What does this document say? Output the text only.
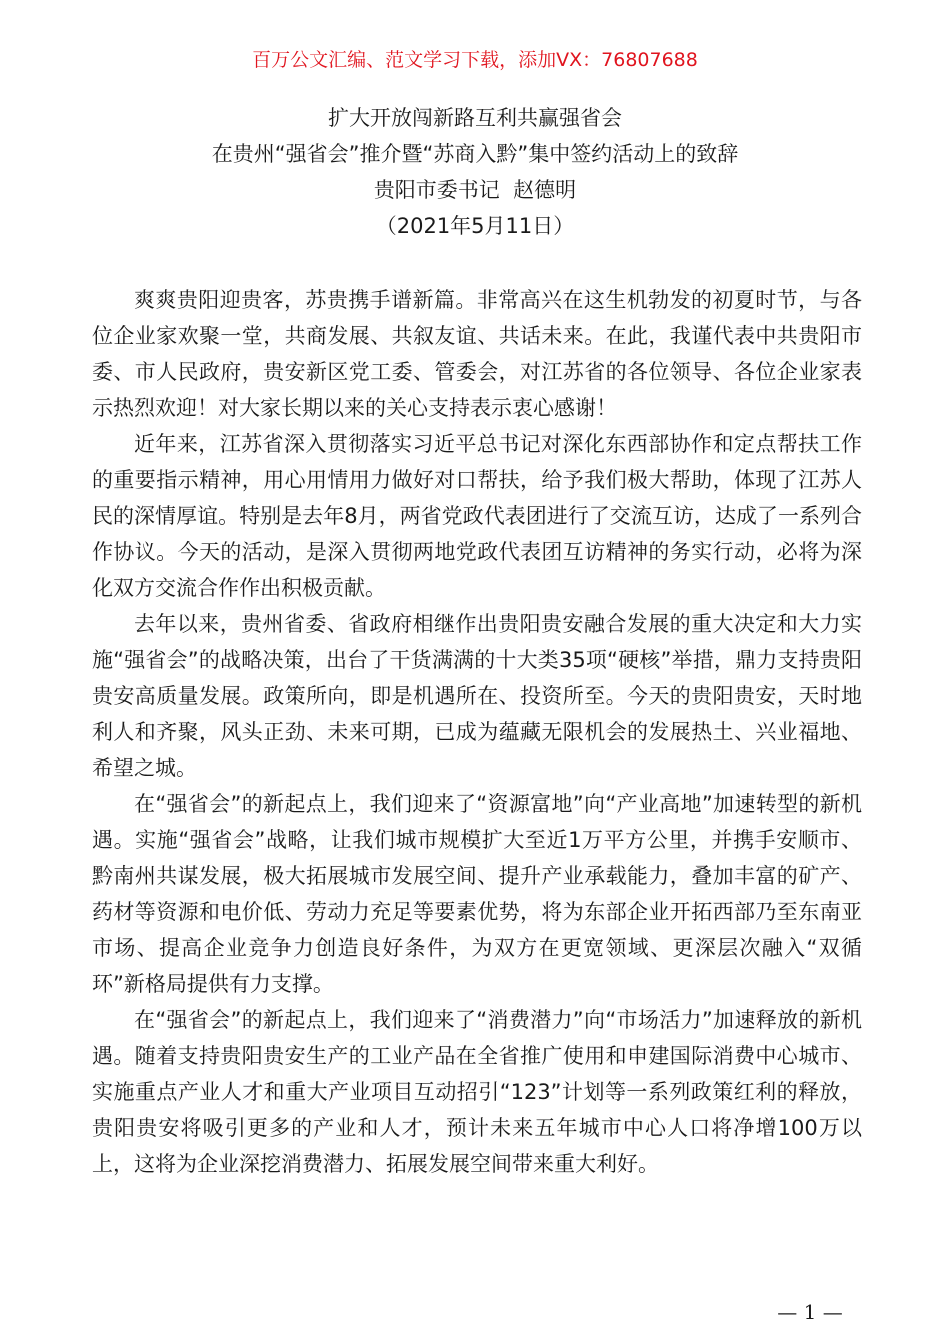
百万公文汇编、范文学习下载，添加VX：76807688
扩大开放闯新路互利共赢强省会
在贵州“强省会”推介暨“苏商入黔”集中签约活动上的致辞
贵阳市委书记  赵德明
（2021年5月11日）

爽爽贵阳迎贵客，苏贵携手谱新篇。非常高兴在这生机勃发的初夏时节，与各位企业家欢聚一堂，共商发展、共叙友谊、共话未来。在此，我谨代表中共贵阳市委、市人民政府，贵安新区党工委、管委会，对江苏省的各位领导、各位企业家表示热烈欢迎！对大家长期以来的关心支持表示衷心感谢！

近年来，江苏省深入贯彻落实习近平总书记对深化东西部协作和定点帮扶工作的重要指示精神，用心用情用力做好对口帮扶，给予我们极大帮助，体现了江苏人民的深情厚谊。特别是去年8月，两省党政代表团进行了交流互访，达成了一系列合作协议。今天的活动，是深入贯彻两地党政代表团互访精神的务实行动，必将为深化双方交流合作作出积极贡献。

去年以来，贵州省委、省政府相继作出贵阳贵安融合发展的重大决定和大力实施“强省会”的战略决策，出台了干货满满的十大类35项“硬核”举措，鼎力支持贵阳贵安高质量发展。政策所向，即是机遇所在、投资所至。今天的贵阳贵安，天时地利人和齐聚，风头正劲、未来可期，已成为蕴藏无限机会的发展热土、兴业福地、希望之城。

在“强省会”的新起点上，我们迎来了“资源富地”向“产业高地”加速转型的新机遇。实施“强省会”战略，让我们城市规模扩大至近1万平方公里，并携手安顺市、黔南州共谋发展，极大拓展城市发展空间、提升产业承载能力，叠加丰富的矿产、药材等资源和电价低、劳动力充足等要素优势，将为东部企业开拓西部乃至东南亚市场、提高企业竞争力创造良好条件，为双方在更宽领域、更深层次融入“双循环”新格局提供有力支撑。

在“强省会”的新起点上，我们迎来了“消费潜力”向“市场活力”加速释放的新机遇。随着支持贵阳贵安生产的工业产品在全省推广使用和申建国际消费中心城市、实施重点产业人才和重大产业项目互动招引“123”计划等一系列政策红利的释放，贵阳贵安将吸引更多的产业和人才，预计未来五年城市中心人口将净增100万以上，这将为企业深挖消费潜力、拓展发展空间带来重大利好。

— 1 —
